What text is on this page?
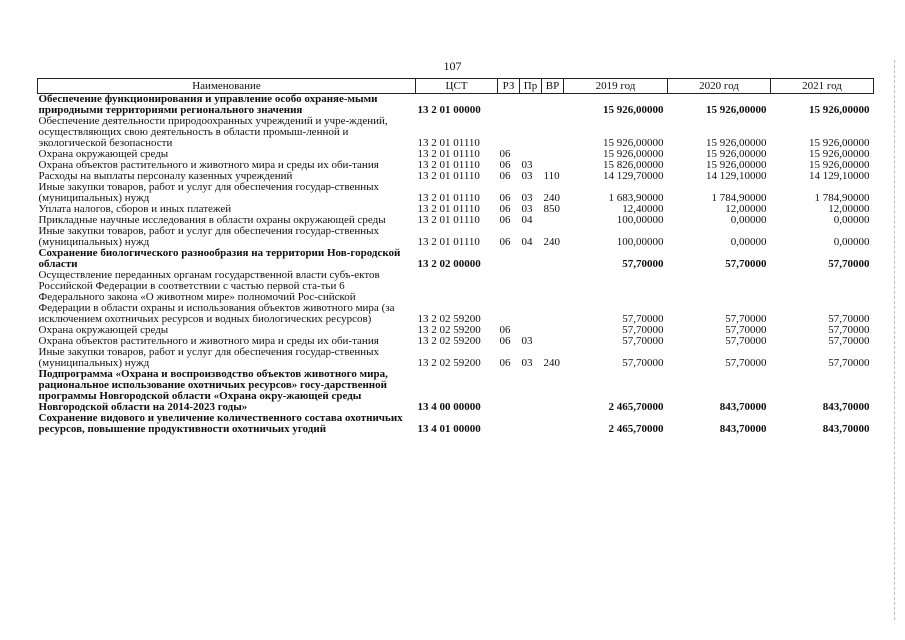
107
Наименование	ЦСТ	РЗ	Пр	ВР	2019 год	2020 год	2021 год
Обеспечение функционирования и управление особо охраняе-мыми природными территориями регионального значения	13 2 01 00000				15 926,00000	15 926,00000	15 926,00000
Обеспечение деятельности природоохранных учреждений и учре-ждений, осуществляющих свою деятельность в области промыш-ленной и экологической безопасности	13 2 01 01110				15 926,00000	15 926,00000	15 926,00000
Охрана окружающей среды	13 2 01 01110	06			15 926,00000	15 926,00000	15 926,00000
Охрана объектов растительного и животного мира и среды их оби-тания	13 2 01 01110	06	03		15 826,00000	15 926,00000	15 926,00000
Расходы на выплаты персоналу казенных учреждений	13 2 01 01110	06	03	110	14 129,70000	14 129,10000	14 129,10000
Иные закупки товаров, работ и услуг для обеспечения государ-ственных (муниципальных) нужд	13 2 01 01110	06	03	240	1 683,90000	1 784,90000	1 784,90000
Уплата налогов, сборов и иных платежей	13 2 01 01110	06	03	850	12,40000	12,00000	12,00000
Прикладные научные исследования в области охраны окружающей среды	13 2 01 01110	06	04		100,00000	0,00000	0,00000
Иные закупки товаров, работ и услуг для обеспечения государ-ственных (муниципальных) нужд	13 2 01 01110	06	04	240	100,00000	0,00000	0,00000
Сохранение биологического разнообразия на территории Нов-городской области	13 2 02 00000				57,70000	57,70000	57,70000
Осуществление переданных органам государственной власти субъ-ектов Российской Федерации в соответствии с частью первой ста-тьи 6 Федерального закона «О животном мире» полномочий Рос-сийской Федерации в области охраны и использования объектов животного мира (за исключением охотничьих ресурсов и водных биологических ресурсов)	13 2 02 59200				57,70000	57,70000	57,70000
Охрана окружающей среды	13 2 02 59200	06			57,70000	57,70000	57,70000
Охрана объектов растительного и животного мира и среды их оби-тания	13 2 02 59200	06	03		57,70000	57,70000	57,70000
Иные закупки товаров, работ и услуг для обеспечения государ-ственных (муниципальных) нужд	13 2 02 59200	06	03	240	57,70000	57,70000	57,70000
Подпрограмма «Охрана и воспроизводство объектов животного мира, рациональное использование охотничьих ресурсов» госу-дарственной программы Новгородской области «Охрана окру-жающей среды Новгородской области на 2014-2023 годы»	13 4 00 00000				2 465,70000	843,70000	843,70000
Сохранение видового и увеличение количественного состава охотничьих ресурсов, повышение продуктивности охотничьих угодий	13 4 01 00000				2 465,70000	843,70000	843,70000
